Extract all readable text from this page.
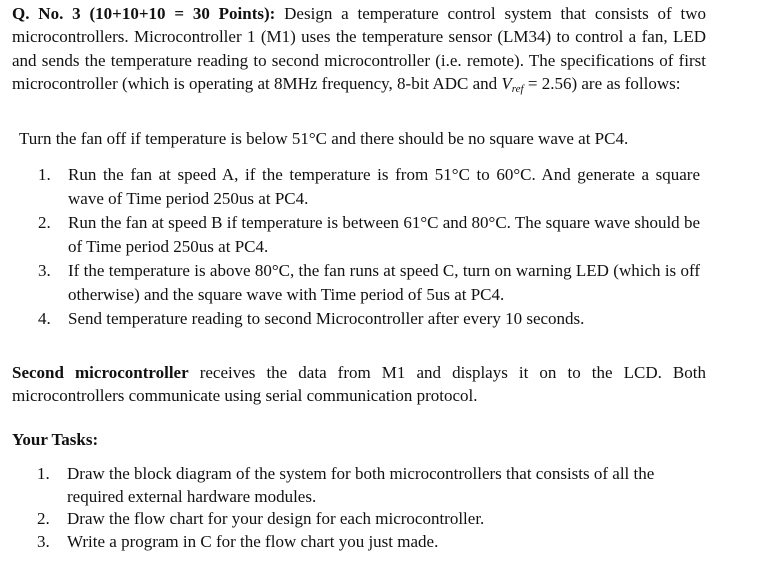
Q. No. 3 (10+10+10 = 30 Points): Design a temperature control system that consists of two microcontrollers. Microcontroller 1 (M1) uses the temperature sensor (LM34) to control a fan, LED and sends the temperature reading to second microcontroller (i.e. remote). The specifications of first microcontroller (which is operating at 8MHz frequency, 8-bit ADC and $V_{ref} = 2.56$) are as follows:

Turn the fan off if temperature is below 51°C and there should be no square wave at PC4.

1. Run the fan at speed A, if the temperature is from 51°C to 60°C. And generate a square wave of Time period 250us at PC4.
2. Run the fan at speed B if temperature is between 61°C and 80°C. The square wave should be of Time period 250us at PC4.
3. If the temperature is above 80°C, the fan runs at speed C, turn on warning LED (which is off otherwise) and the square wave with Time period of 5us at PC4.
4. Send temperature reading to second Microcontroller after every 10 seconds.

Second microcontroller receives the data from M1 and displays it on to the LCD. Both microcontrollers communicate using serial communication protocol.

Your Tasks:
1. Draw the block diagram of the system for both microcontrollers that consists of all the required external hardware modules.
2. Draw the flow chart for your design for each microcontroller.
3. Write a program in C for the flow chart you just made.
